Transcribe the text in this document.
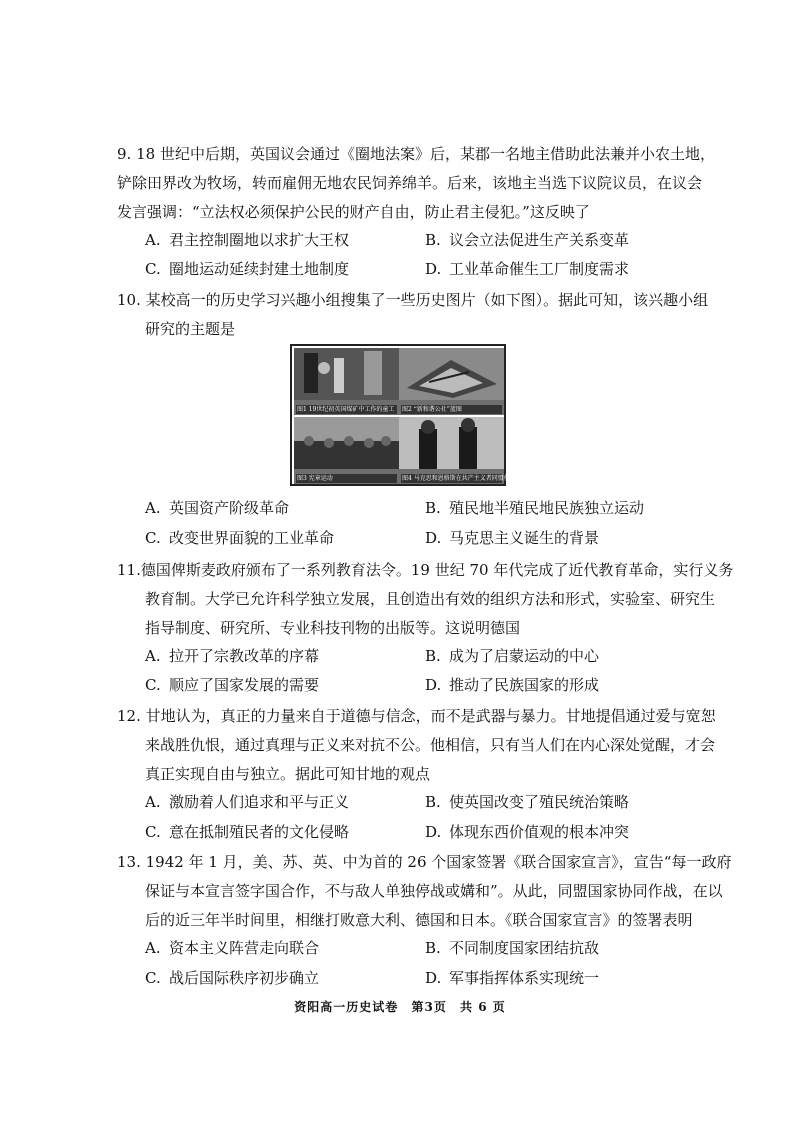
9. 18 世纪中后期，英国议会通过《圈地法案》后，某郡一名地主借助此法兼并小农土地，
铲除田界改为牧场，转而雇佣无地农民饲养绵羊。后来，该地主当选下议院议员，在议会
发言强调：“立法权必须保护公民的财产自由，防止君主侵犯。”这反映了
A. 君主控制圈地以求扩大王权	B. 议会立法促进生产关系变革
C. 圈地运动延续封建土地制度	D. 工业革命催生工厂制度需求
10. 某校高一的历史学习兴趣小组搜集了一些历史图片（如下图）。据此可知，该兴趣小组
研究的主题是
图1 19世纪初英国煤矿中工作的童工	图2 “新和谐公社”蓝图
图3 宪章运动	图4 马克思和恩格斯在共产主义者同盟代表大会
A. 英国资产阶级革命	B. 殖民地半殖民地民族独立运动
C. 改变世界面貌的工业革命	D. 马克思主义诞生的背景
11.德国俾斯麦政府颁布了一系列教育法令。19 世纪 70 年代完成了近代教育革命，实行义务
教育制。大学已允许科学独立发展，且创造出有效的组织方法和形式，实验室、研究生
指导制度、研究所、专业科技刊物的出版等。这说明德国
A. 拉开了宗教改革的序幕	B. 成为了启蒙运动的中心
C. 顺应了国家发展的需要	D. 推动了民族国家的形成
12. 甘地认为，真正的力量来自于道德与信念，而不是武器与暴力。甘地提倡通过爱与宽恕
来战胜仇恨，通过真理与正义来对抗不公。他相信，只有当人们在内心深处觉醒，才会
真正实现自由与独立。据此可知甘地的观点
A. 激励着人们追求和平与正义	B. 使英国改变了殖民统治策略
C. 意在抵制殖民者的文化侵略	D. 体现东西价值观的根本冲突
13. 1942 年 1 月，美、苏、英、中为首的 26 个国家签署《联合国家宣言》，宣告“每一政府
保证与本宣言签字国合作，不与敌人单独停战或媾和”。从此，同盟国家协同作战，在以
后的近三年半时间里，相继打败意大利、德国和日本。《联合国家宣言》的签署表明
A. 资本主义阵营走向联合	B. 不同制度国家团结抗敌
C. 战后国际秩序初步确立	D. 军事指挥体系实现统一
资阳高一历史试卷 第3页 共 6 页
